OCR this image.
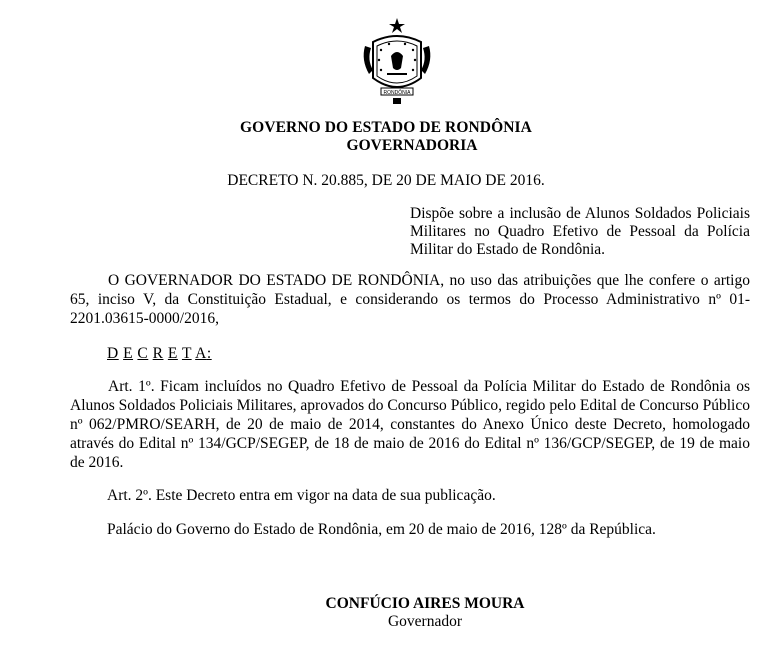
RONDÔNIA
GOVERNO DO ESTADO DE RONDÔNIA
GOVERNADORIA
DECRETO N. 20.885, DE 20 DE MAIO DE 2016.
Dispõe sobre a inclusão de Alunos Soldados Policiais Militares no Quadro Efetivo de Pessoal da Polícia Militar do Estado de Rondônia.
O GOVERNADOR DO ESTADO DE RONDÔNIA, no uso das atribuições que lhe confere o artigo 65, inciso V, da Constituição Estadual, e considerando os termos do Processo Administrativo nº 01-2201.03615-0000/2016,
D E C R E T A:
Art. 1º. Ficam incluídos no Quadro Efetivo de Pessoal da Polícia Militar do Estado de Rondônia os Alunos Soldados Policiais Militares, aprovados do Concurso Público, regido pelo Edital de Concurso Público nº 062/PMRO/SEARH, de 20 de maio de 2014, constantes do Anexo Único deste Decreto, homologado através do Edital nº 134/GCP/SEGEP, de 18 de maio de 2016 do Edital nº 136/GCP/SEGEP, de 19 de maio de 2016.
Art. 2º. Este Decreto entra em vigor na data de sua publicação.
Palácio do Governo do Estado de Rondônia, em 20 de maio de 2016, 128º da República.
CONFÚCIO AIRES MOURA
Governador
